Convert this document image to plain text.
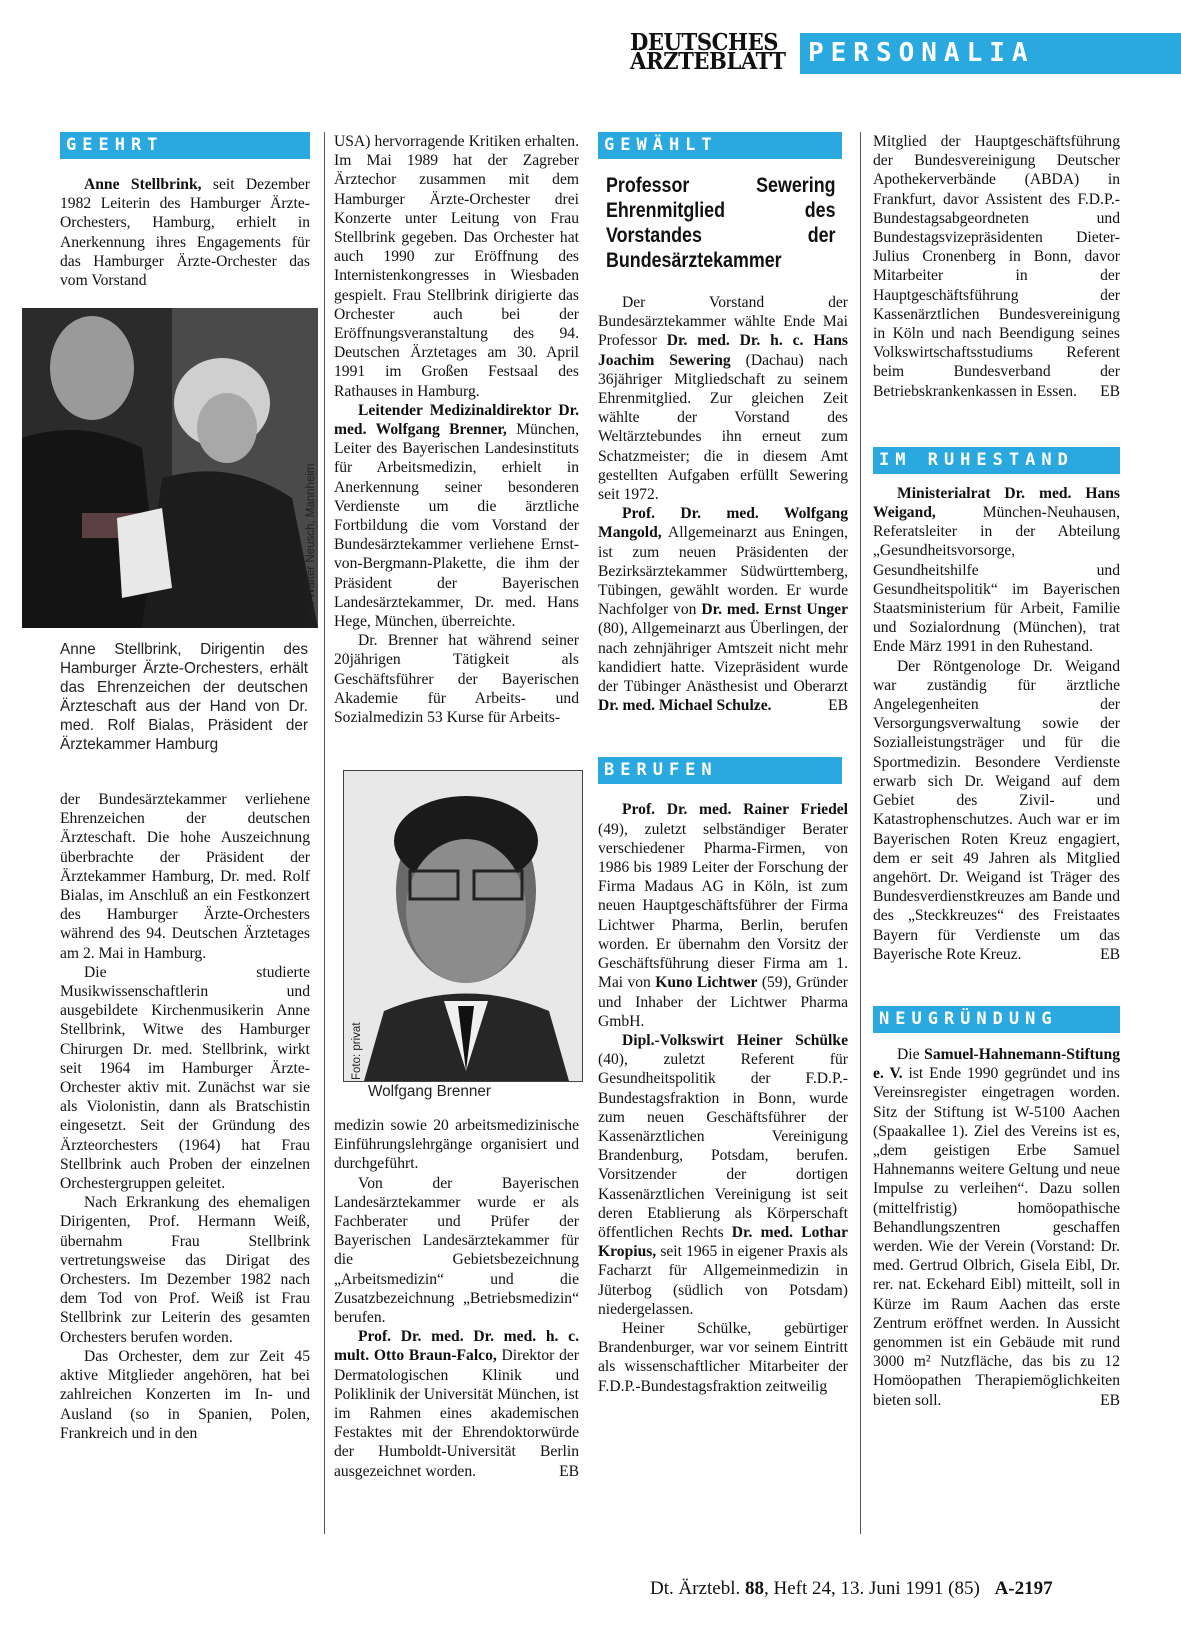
DEUTSCHES
ÄRZTEBLATT PERSONALIA
GEEHRT

Anne Stellbrink, seit Dezember 1982 Leiterin des Hamburger Ärzte-Orchesters, Hamburg, erhielt in Anerkennung ihres Engagements für das Hamburger Ärzte-Orchester das vom Vorstand

Foto: Walter Neusch, Mannheim
Anne Stellbrink, Dirigentin des Hamburger Ärzte-Orchesters, erhält das Ehrenzeichen der deutschen Ärzteschaft aus der Hand von Dr. med. Rolf Bialas, Präsident der Ärztekammer Hamburg

der Bundesärztekammer verliehene Ehrenzeichen der deutschen Ärzteschaft. Die hohe Auszeichnung überbrachte der Präsident der Ärztekammer Hamburg, Dr. med. Rolf Bialas, im Anschluß an ein Festkonzert des Hamburger Ärzte-Orchesters während des 94. Deutschen Ärztetages am 2. Mai in Hamburg.

Die studierte Musikwissenschaftlerin und ausgebildete Kirchenmusikerin Anne Stellbrink, Witwe des Hamburger Chirurgen Dr. med. Stellbrink, wirkt seit 1964 im Hamburger Ärzte-Orchester aktiv mit. Zunächst war sie als Violonistin, dann als Bratschistin eingesetzt. Seit der Gründung des Ärzteorchesters (1964) hat Frau Stellbrink auch Proben der einzelnen Orchestergruppen geleitet.

Nach Erkrankung des ehemaligen Dirigenten, Prof. Hermann Weiß, übernahm Frau Stellbrink vertretungsweise das Dirigat des Orchesters. Im Dezember 1982 nach dem Tod von Prof. Weiß ist Frau Stellbrink zur Leiterin des gesamten Orchesters berufen worden.

Das Orchester, dem zur Zeit 45 aktive Mitglieder angehören, hat bei zahlreichen Konzerten im In- und Ausland (so in Spanien, Polen, Frankreich und in den

USA) hervorragende Kritiken erhalten. Im Mai 1989 hat der Zagreber Ärztechor zusammen mit dem Hamburger Ärzte-Orchester drei Konzerte unter Leitung von Frau Stellbrink gegeben. Das Orchester hat auch 1990 zur Eröffnung des Internistenkongresses in Wiesbaden gespielt. Frau Stellbrink dirigierte das Orchester auch bei der Eröffnungsveranstaltung des 94. Deutschen Ärztetages am 30. April 1991 im Großen Festsaal des Rathauses in Hamburg.

Leitender Medizinaldirektor Dr. med. Wolfgang Brenner, München, Leiter des Bayerischen Landesinstituts für Arbeitsmedizin, erhielt in Anerkennung seiner besonderen Verdienste um die ärztliche Fortbildung die vom Vorstand der Bundesärztekammer verliehene Ernst-von-Bergmann-Plakette, die ihm der Präsident der Bayerischen Landesärztekammer, Dr. med. Hans Hege, München, überreichte.

Dr. Brenner hat während seiner 20jährigen Tätigkeit als Geschäftsführer der Bayerischen Akademie für Arbeits- und Sozialmedizin 53 Kurse für Arbeits-

Foto: privat
Wolfgang Brenner

medizin sowie 20 arbeitsmedizinische Einführungslehrgänge organisiert und durchgeführt.

Von der Bayerischen Landesärztekammer wurde er als Fachberater und Prüfer der Bayerischen Landesärztekammer für die Gebietsbezeichnung „Arbeitsmedizin“ und die Zusatzbezeichnung „Betriebsmedizin“ berufen.

Prof. Dr. med. Dr. med. h. c. mult. Otto Braun-Falco, Direktor der Dermatologischen Klinik und Poliklinik der Universität München, ist im Rahmen eines akademischen Festaktes mit der Ehrendoktorwürde der Humboldt-Universität Berlin ausgezeichnet worden.	EB

GEWÄHLT
Professor Sewering Ehrenmitglied des Vorstandes der Bundesärztekammer

Der Vorstand der Bundesärztekammer wählte Ende Mai Professor Dr. med. Dr. h. c. Hans Joachim Sewering (Dachau) nach 36jähriger Mitgliedschaft zu seinem Ehrenmitglied. Zur gleichen Zeit wählte der Vorstand des Weltärztebundes ihn erneut zum Schatzmeister; die in diesem Amt gestellten Aufgaben erfüllt Sewering seit 1972.

Prof. Dr. med. Wolfgang Mangold, Allgemeinarzt aus Eningen, ist zum neuen Präsidenten der Bezirksärztekammer Südwürttemberg, Tübingen, gewählt worden. Er wurde Nachfolger von Dr. med. Ernst Unger (80), Allgemeinarzt aus Überlingen, der nach zehnjähriger Amtszeit nicht mehr kandidiert hatte. Vizepräsident wurde der Tübinger Anästhesist und Oberarzt Dr. med. Michael Schulze.	EB

BERUFEN

Prof. Dr. med. Rainer Friedel (49), zuletzt selbständiger Berater verschiedener Pharma-Firmen, von 1986 bis 1989 Leiter der Forschung der Firma Madaus AG in Köln, ist zum neuen Hauptgeschäftsführer der Firma Lichtwer Pharma, Berlin, berufen worden. Er übernahm den Vorsitz der Geschäftsführung dieser Firma am 1. Mai von Kuno Lichtwer (59), Gründer und Inhaber der Lichtwer Pharma GmbH.

Dipl.-Volkswirt Heiner Schülke (40), zuletzt Referent für Gesundheitspolitik der F.D.P.-Bundestagsfraktion in Bonn, wurde zum neuen Geschäftsführer der Kassenärztlichen Vereinigung Brandenburg, Potsdam, berufen. Vorsitzender der dortigen Kassenärztlichen Vereinigung ist seit deren Etablierung als Körperschaft öffentlichen Rechts Dr. med. Lothar Kropius, seit 1965 in eigener Praxis als Facharzt für Allgemeinmedizin in Jüterbog (südlich von Potsdam) niedergelassen.

Heiner Schülke, gebürtiger Brandenburger, war vor seinem Eintritt als wissenschaftlicher Mitarbeiter der F.D.P.-Bundestagsfraktion zeitweilig

Mitglied der Hauptgeschäftsführung der Bundesvereinigung Deutscher Apothekerverbände (ABDA) in Frankfurt, davor Assistent des F.D.P.-Bundestagsabgeordneten und Bundestagsvizepräsidenten Dieter-Julius Cronenberg in Bonn, davor Mitarbeiter in der Hauptgeschäftsführung der Kassenärztlichen Bundesvereinigung in Köln und nach Beendigung seines Volkswirtschaftsstudiums Referent beim Bundesverband der Betriebskrankenkassen in Essen. EB

IM RUHESTAND

Ministerialrat Dr. med. Hans Weigand, München-Neuhausen, Referatsleiter in der Abteilung „Gesundheitsvorsorge, Gesundheitshilfe und Gesundheitspolitik“ im Bayerischen Staatsministerium für Arbeit, Familie und Sozialordnung (München), trat Ende März 1991 in den Ruhestand.

Der Röntgenologe Dr. Weigand war zuständig für ärztliche Angelegenheiten der Versorgungsverwaltung sowie der Sozialleistungsträger und für die Sportmedizin. Besondere Verdienste erwarb sich Dr. Weigand auf dem Gebiet des Zivil- und Katastrophenschutzes. Auch war er im Bayerischen Roten Kreuz engagiert, dem er seit 49 Jahren als Mitglied angehört. Dr. Weigand ist Träger des Bundesverdienstkreuzes am Bande und des „Steckkreuzes“ des Freistaates Bayern für Verdienste um das Bayerische Rote Kreuz.	EB

NEUGRÜNDUNG

Die Samuel-Hahnemann-Stiftung e. V. ist Ende 1990 gegründet und ins Vereinsregister eingetragen worden. Sitz der Stiftung ist W-5100 Aachen (Spaakallee 1). Ziel des Vereins ist es, „dem geistigen Erbe Samuel Hahnemanns weitere Geltung und neue Impulse zu verleihen“. Dazu sollen (mittelfristig) homöopathische Behandlungszentren geschaffen werden. Wie der Verein (Vorstand: Dr. med. Gertrud Olbrich, Gisela Eibl, Dr. rer. nat. Eckehard Eibl) mitteilt, soll in Kürze im Raum Aachen das erste Zentrum eröffnet werden. In Aussicht genommen ist ein Gebäude mit rund 3000 m² Nutzfläche, das bis zu 12 Homöopathen Therapiemöglichkeiten bieten soll.	EB

Dt. Ärztebl. 88, Heft 24, 13. Juni 1991 (85) A-2197
